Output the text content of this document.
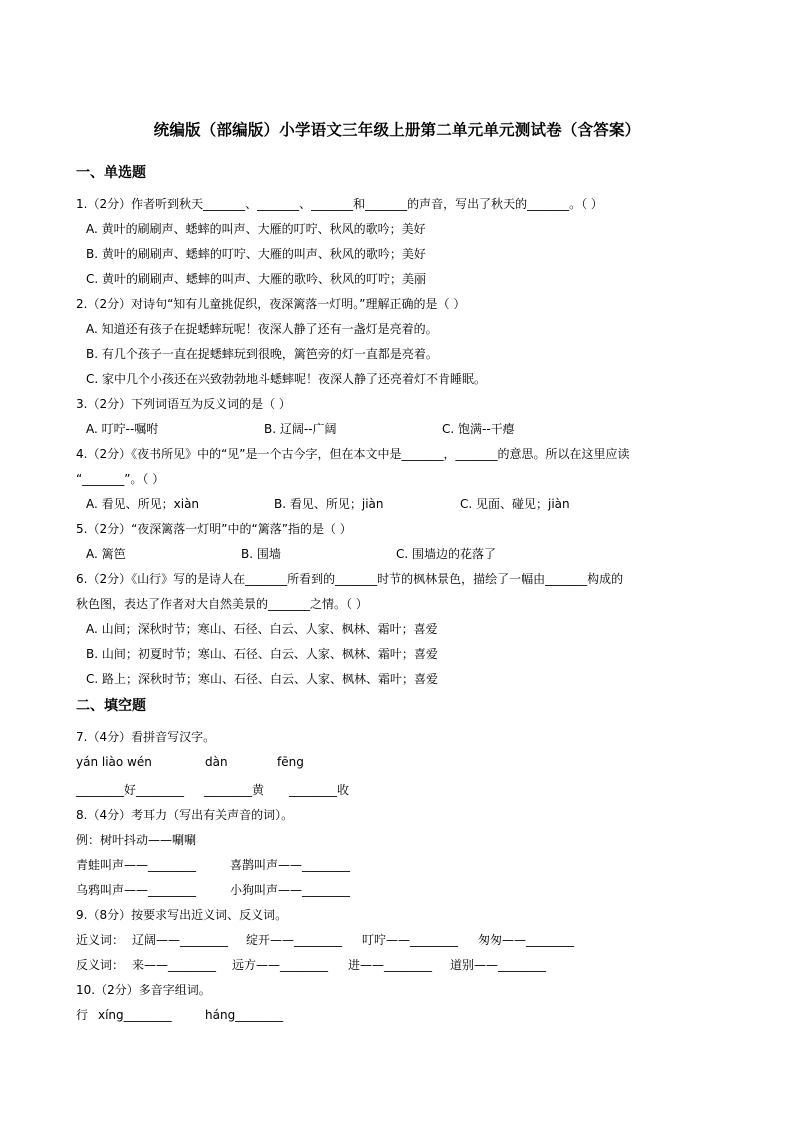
统编版（部编版）小学语文三年级上册第二单元单元测试卷（含答案）
一、单选题
1.（2分）作者听到秋天_______、_______、_______和_______的声音，写出了秋天的_______。（ ）
A. 黄叶的刷刷声、蟋蟀的叫声、大雁的叮咛、秋风的歌吟；美好
B. 黄叶的刷刷声、蟋蟀的叮咛、大雁的叫声、秋风的歌吟；美好
C. 黄叶的刷刷声、蟋蟀的叫声、大雁的歌吟、秋风的叮咛；美丽
2.（2分）对诗句“知有儿童挑促织，夜深篱落一灯明。”理解正确的是（ ）
A. 知道还有孩子在捉蟋蟀玩呢！夜深人静了还有一盏灯是亮着的。
B. 有几个孩子一直在捉蟋蟀玩到很晚，篱笆旁的灯一直都是亮着。
C. 家中几个小孩还在兴致勃勃地斗蟋蟀呢！夜深人静了还亮着灯不肯睡眠。
3.（2分）下列词语互为反义词的是（ ）
A. 叮咛--嘱咐	B. 辽阔--广阔	C. 饱满--干瘪
4.（2分）《夜书所见》中的“见”是一个古今字，但在本文中是_______，_______的意思。所以在这里应读
“_______”。（ ）
A. 看见、所见；xiàn	B. 看见、所见；jiàn	C. 见面、碰见；jiàn
5.（2分）“夜深篱落一灯明”中的“篱落”指的是（ ）
A. 篱笆	B. 围墙	C. 围墙边的花落了
6.（2分）《山行》写的是诗人在_______所看到的_______时节的枫林景色，描绘了一幅由_______构成的
秋色图，表达了作者对大自然美景的_______之情。（ ）
A. 山间；深秋时节；寒山、石径、白云、人家、枫林、霜叶；喜爱
B. 山间；初夏时节；寒山、石径、白云、人家、枫林、霜叶；喜爱
C. 路上；深秋时节；寒山、石径、白云、人家、枫林、霜叶；喜爱
二、填空题
7.（4分）看拼音写汉字。
yán liào wén	dàn	fēng
________好________ ________黄 ________收
8.（4分）考耳力（写出有关声音的词）。
例：树叶抖动——唰唰
青蛙叫声——________	喜鹊叫声——________
乌鸦叫声——________	小狗叫声——________
9.（8分）按要求写出近义词、反义词。
近义词： 辽阔——________ 绽开——________ 叮咛——________ 匆匆——________
反义词： 来——________ 远方——________ 进——________ 道别——________
10.（2分）多音字组词。
行 xíng________	háng________
